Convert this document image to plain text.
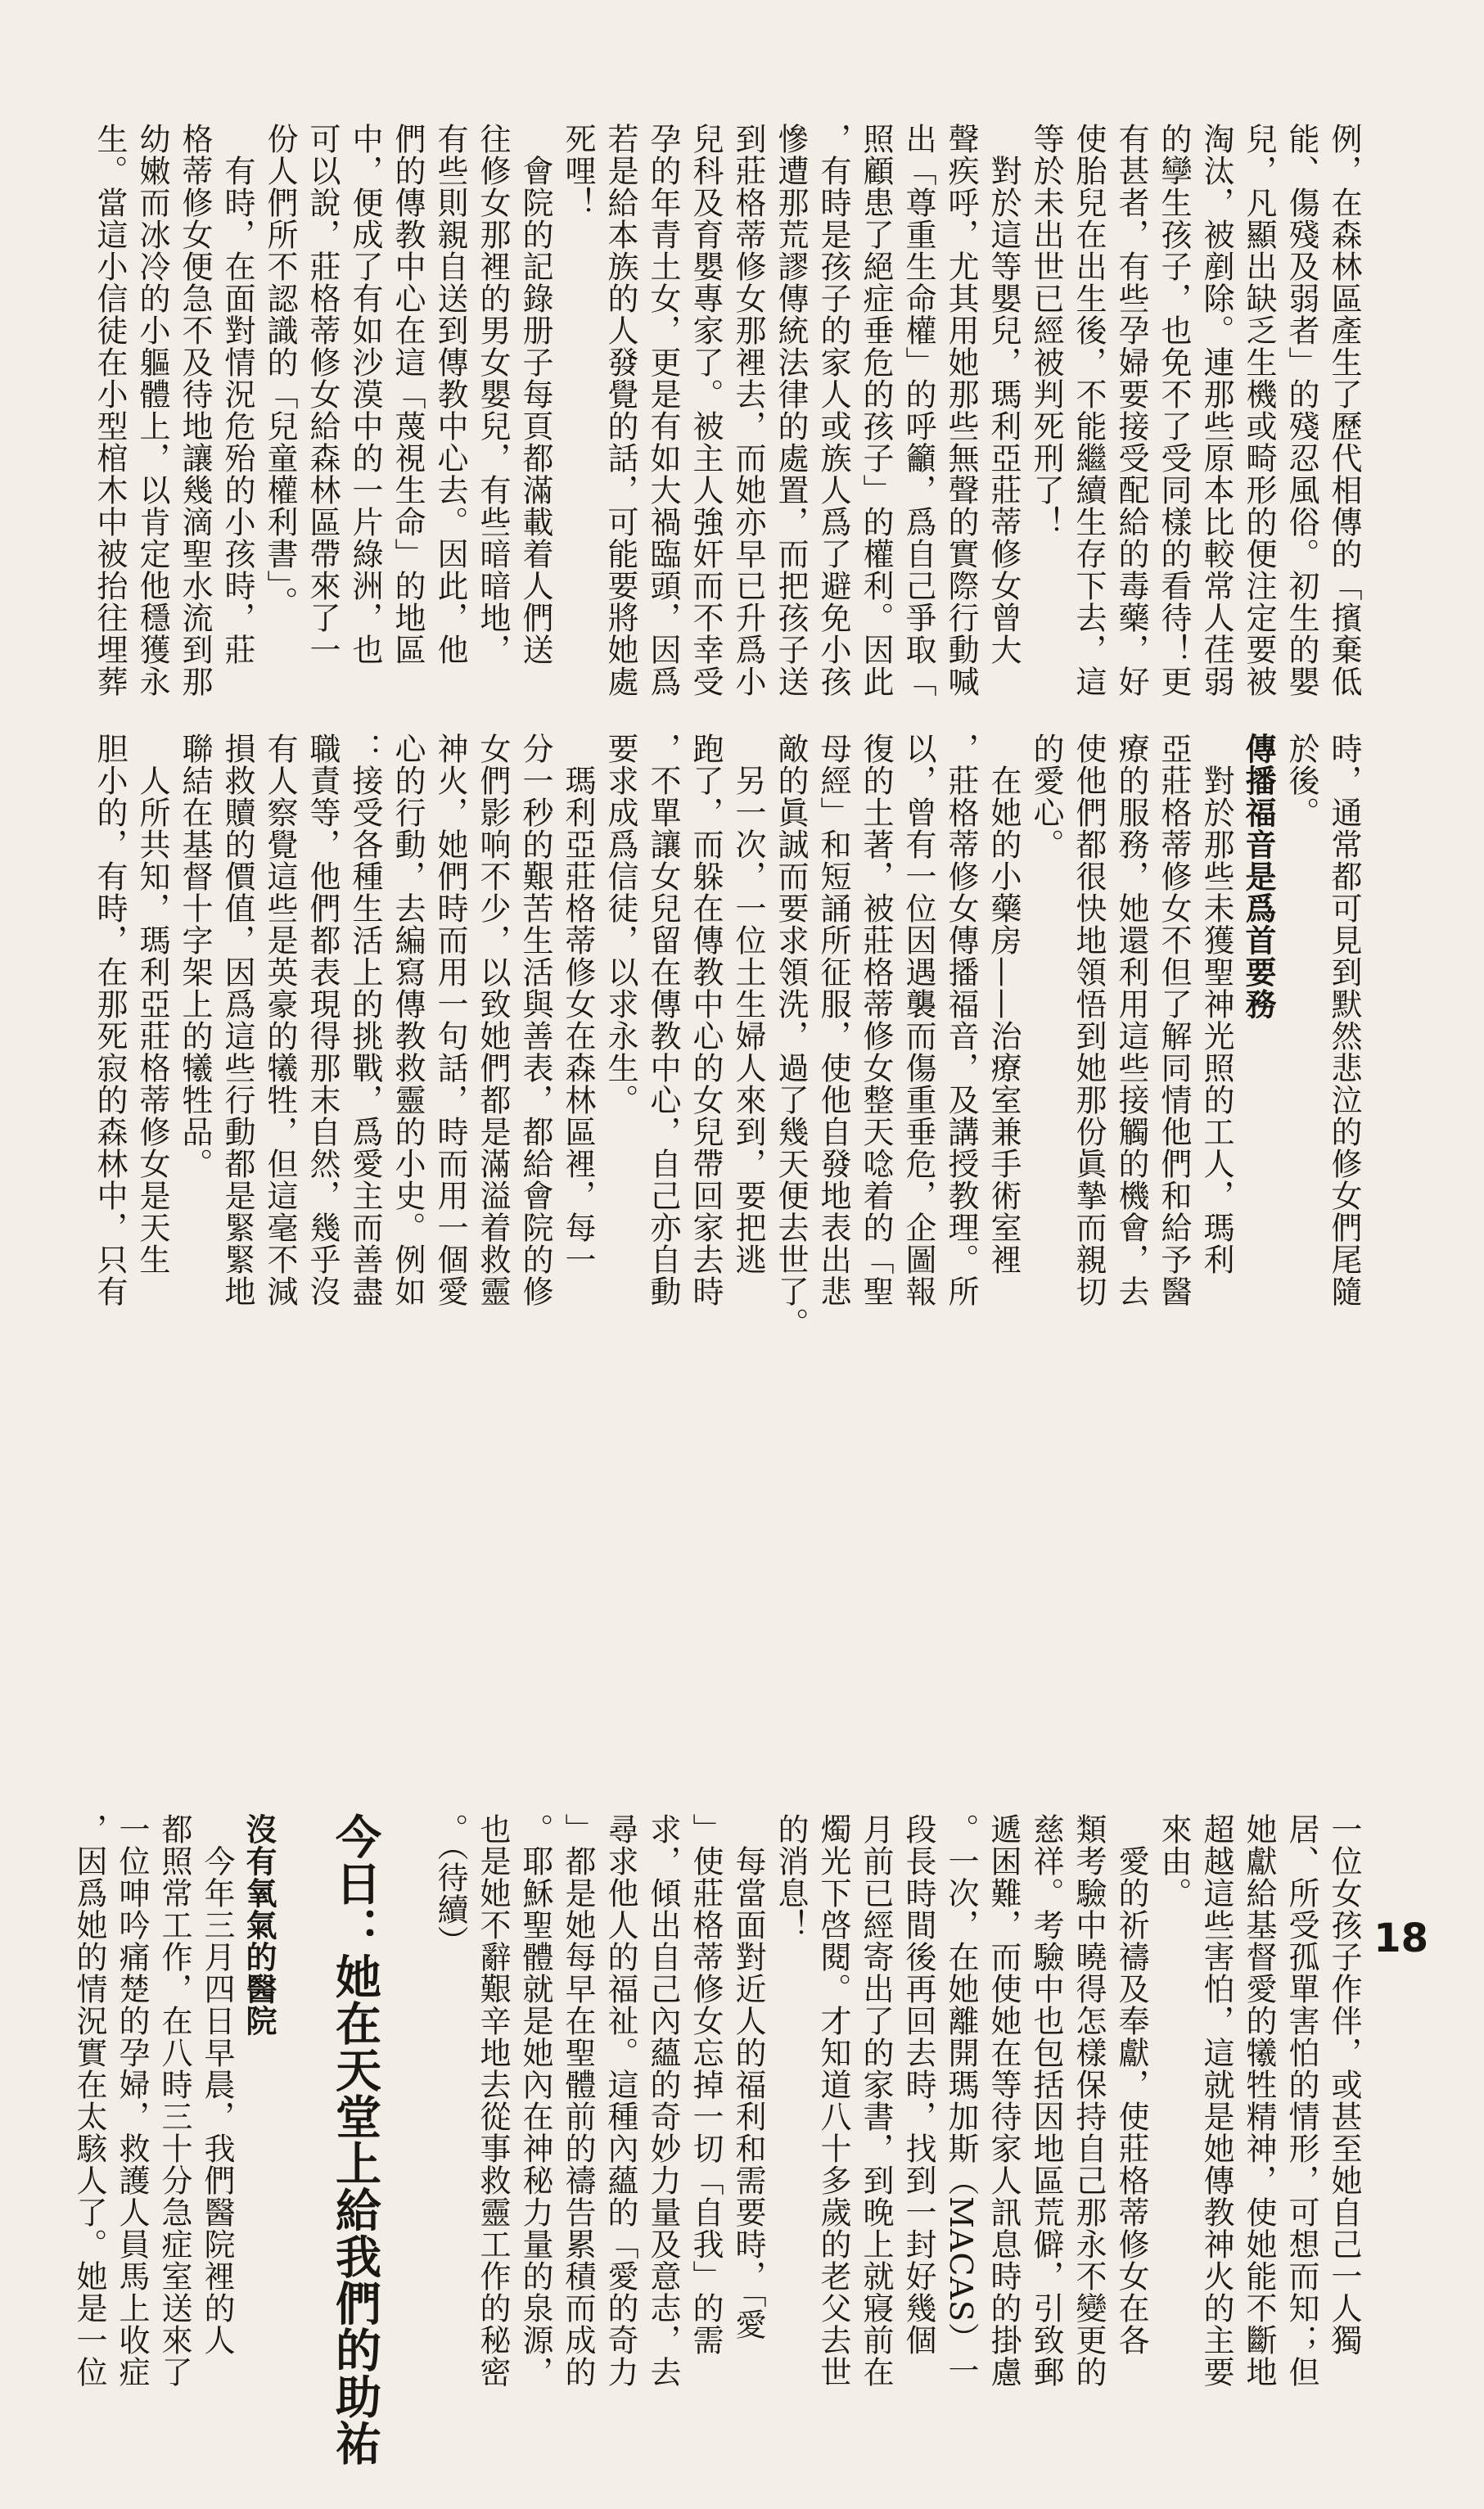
例，在森林區產生了歷代相傳的「擯棄低
能、傷殘及弱者」的殘忍風俗。初生的嬰
兒，凡顯出缺乏生機或畸形的便注定要被
淘汰，被剷除。連那些原本比較常人荏弱
的孿生孩子，也免不了受同樣的看待！更
有甚者，有些孕婦要接受配給的毒藥，好
使胎兒在出生後，不能繼續生存下去，這
等於未出世已經被判死刑了！
　對於這等嬰兒，瑪利亞莊蒂修女曾大
聲疾呼，尤其用她那些無聲的實際行動喊
出「尊重生命權」的呼籲，爲自己爭取「
照顧患了絕症垂危的孩子」的權利。因此
，有時是孩子的家人或族人爲了避免小孩
慘遭那荒謬傳統法律的處置，而把孩子送
到莊格蒂修女那裡去，而她亦早已升爲小
兒科及育嬰專家了。被主人強奸而不幸受
孕的年青土女，更是有如大禍臨頭，因爲
若是給本族的人發覺的話，可能要將她處
死哩！
　會院的記錄册子每頁都滿載着人們送
往修女那裡的男女嬰兒，有些暗暗地，
有些則親自送到傳教中心去。因此，他
們的傳教中心在這「蔑視生命」的地區
中，便成了有如沙漠中的一片綠洲，也
可以說，莊格蒂修女給森林區帶來了一
份人們所不認識的「兒童權利書」。
　有時，在面對情況危殆的小孩時，莊
格蒂修女便急不及待地讓幾滴聖水流到那
幼嫩而冰冷的小軀體上，以肯定他穩獲永
生。當這小信徒在小型棺木中被抬往埋葬
時，通常都可見到默然悲泣的修女們尾隨
於後。
傳播福音是爲首要務
　對於那些未獲聖神光照的工人，瑪利
亞莊格蒂修女不但了解同情他們和給予醫
療的服務，她還利用這些接觸的機會，去
使他們都很快地領悟到她那份眞摯而親切
的愛心。
　在她的小藥房——治療室兼手術室裡
，莊格蒂修女傳播福音，及講授教理。所
以，曾有一位因遇襲而傷重垂危，企圖報
復的土著，被莊格蒂修女整天唸着的「聖
母經」和短誦所征服，使他自發地表出悲
敵的眞誠而要求領洗，過了幾天便去世了。
　另一次，一位土生婦人來到，要把逃
跑了，而躲在傳教中心的女兒帶回家去時
，不單讓女兒留在傳教中心，自己亦自動
要求成爲信徒，以求永生。
　瑪利亞莊格蒂修女在森林區裡，每一
分一秒的艱苦生活與善表，都給會院的修
女們影响不少，以致她們都是滿溢着救靈
神火，她們時而用一句話，時而用一個愛
心的行動，去編寫傳教救靈的小史。例如
：接受各種生活上的挑戰，爲愛主而善盡
職責等，他們都表現得那末自然，幾乎沒
有人察覺這些是英豪的犧牲，但這毫不減
損救贖的價值，因爲這些行動都是緊緊地
聯結在基督十字架上的犧牲品。
　人所共知，瑪利亞莊格蒂修女是天生
胆小的，有時，在那死寂的森林中，只有
一位女孩子作伴，或甚至她自己一人獨
居、所受孤單害怕的情形，可想而知；但
她獻給基督愛的犧牲精神，使她能不斷地
超越這些害怕，這就是她傳教神火的主要
來由。
　愛的祈禱及奉獻，使莊格蒂修女在各
類考驗中曉得怎樣保持自己那永不變更的
慈祥。考驗中也包括因地區荒僻，引致郵
遞困難，而使她在等待家人訊息時的掛慮
。一次，在她離開瑪加斯（MACAS）一
段長時間後再回去時，找到一封好幾個
月前已經寄出了的家書，到晚上就寢前在
燭光下啓閱。才知道八十多歲的老父去世
的消息！
　每當面對近人的福利和需要時，「愛
」使莊格蒂修女忘掉一切「自我」的需
求，傾出自己內蘊的奇妙力量及意志，去
尋求他人的福祉。這種內蘊的「愛的奇力
」都是她每早在聖體前的禱告累積而成的
。耶穌聖體就是她內在神秘力量的泉源，
也是她不辭艱辛地去從事救靈工作的秘密
。（待續）
今日：她在天堂上給我們的助祐
沒有氧氣的醫院
　今年三月四日早晨，我們醫院裡的人
都照常工作，在八時三十分急症室送來了
一位呻吟痛楚的孕婦，救護人員馬上收症
，因爲她的情況實在太駭人了。她是一位	18
